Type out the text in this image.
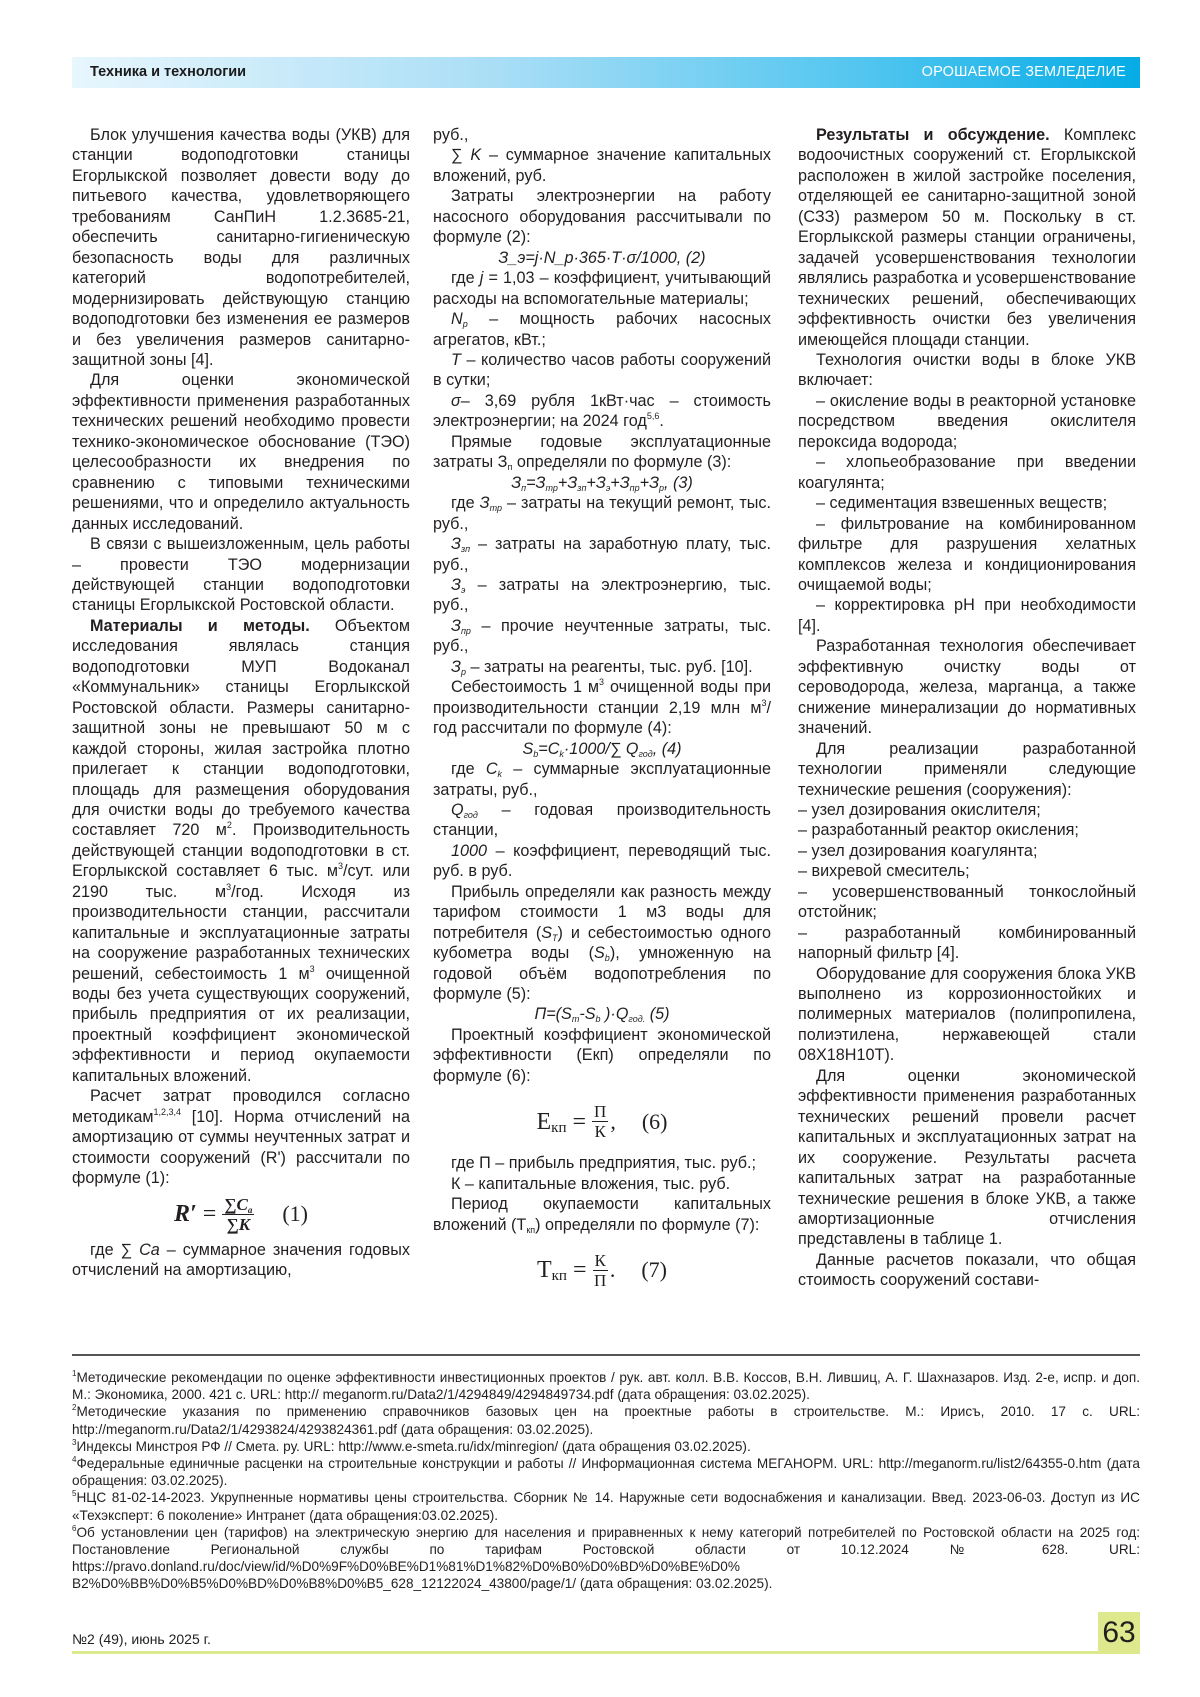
Техника и технологии	ОРОШАЕМОЕ ЗЕМЛЕДЕЛИЕ

Блок улучшения качества воды (УКВ) для станции водоподготовки станицы Егорлыкской позволяет довести воду до питьевого качества, удовлетворяющего требованиям СанПиН 1.2.3685-21, обеспечить санитарно-гигиеническую безопасность воды для различных категорий водопотребителей, модернизировать действующую станцию водоподготовки без изменения ее размеров и без увеличения размеров санитарно-защитной зоны [4].

Для оценки экономической эффективности применения разработанных технических решений необходимо провести технико-экономическое обоснование (ТЭО) целесообразности их внедрения по сравнению с типовыми техническими решениями, что и определило актуальность данных исследований.

В связи с вышеизложенным, цель работы – провести ТЭО модернизации действующей станции водоподготовки станицы Егорлыкской Ростовской области.

Материалы и методы. Объектом исследования являлась станция водоподготовки МУП Водоканал «Коммунальник» станицы Егорлыкской Ростовской области. Размеры санитарно-защитной зоны не превышают 50 м с каждой стороны, жилая застройка плотно прилегает к станции водоподготовки, площадь для размещения оборудования для очистки воды до требуемого качества составляет 720 $м^2$. Производительность действующей станции водоподготовки в ст. Егорлыкской составляет 6 тыс. $м^3$/сут. или 2190 тыс. $м^3$/год. Исходя из производительности станции, рассчитали капитальные и эксплуатационные затраты на сооружение разработанных технических решений, себестоимость 1 $м^3$ очищенной воды без учета существующих сооружений, прибыль предприятия от их реализации, проектный коэффициент экономической эффективности и период окупаемости капитальных вложений.

Расчет затрат проводился согласно методикам$^{1,2,3,4}$ [10]. Норма отчислений на амортизацию от суммы неучтенных затрат и стоимости сооружений (R') рассчитали по формуле (1):

$R' = \frac{\sum C_a}{\sum K} (1)$

где ∑ Ca – суммарное значения годовых отчислений на амортизацию,

руб.,

∑ K – суммарное значение капитальных вложений, руб.

Затраты электроэнергии на работу насосного оборудования рассчитывали по формуле (2):

З_э=j·N_p·365·T·σ/1000, (2)

где j = 1,03 – коэффициент, учитывающий расходы на вспомогательные материалы;

$N_р$ – мощность рабочих насосных агрегатов, кВт.;

T – количество часов работы сооружений в сутки;

σ– 3,69 рубля 1кВт·час – стоимость электроэнергии; на 2024 год$^{5,6}$.

Прямые годовые эксплуатационные затраты $З_п$ определяли по формуле (3):

$З_п=З_{тр}+З_{зп}+З_э+З_{пр}+З_р$, (3)

где $З_{тр}$ – затраты на текущий ремонт, тыс. руб.,

$З_{зп}$ – затраты на заработную плату, тыс. руб.,

$З_э$ – затраты на электроэнергию, тыс. руб.,

$З_{пр}$ – прочие неучтенные затраты, тыс. руб.,

$З_р$ – затраты на реагенты, тыс. руб. [10].

Себестоимость 1 $м^3$ очищенной воды при производительности станции 2,19 млн $м^3$/год рассчитали по формуле (4):

$S_b=C_k\cdot 1000/\sum$ $Q_{год}$, (4)

где $C_k$ – суммарные эксплуатационные затраты, руб.,

$Q_{год}$ – годовая производительность станции,

1000 – коэффициент, переводящий тыс. руб. в руб.

Прибыль определяли как разность между тарифом стоимости 1 м3 воды для потребителя $(S_Т)$ и себестоимостью одного кубометра воды $(S_b)$, умноженную на годовой объём водопотребления по формуле (5):

$П=(S_m-S_b$ )$\cdot Q_{год.}$ (5)

Проектный коэффициент экономической эффективности (Екп) определяли по формуле (6):

$Е_{кп} = \frac{П}{К}$ , (6)

где П – прибыль предприятия, тыс. руб.;

К – капитальные вложения, тыс. руб.

Период окупаемости капитальных вложений $(Т_{кп})$ определяли по формуле (7):

$Т_{кп} = \frac{К}{П}$ . (7)

Результаты и обсуждение. Комплекс водоочистных сооружений ст. Егорлыкской расположен в жилой застройке поселения, отделяющей ее санитарно-защитной зоной (СЗЗ) размером 50 м. Поскольку в ст. Егорлыкской размеры станции ограничены, задачей усовершенствования технологии являлись разработка и усовершенствование технических решений, обеспечивающих эффективность очистки без увеличения имеющейся площади станции.

Технология очистки воды в блоке УКВ включает:

– окисление воды в реакторной установке посредством введения окислителя пероксида водорода;

– хлопьеобразование при введении коагулянта;

– седиментация взвешенных веществ;

– фильтрование на комбинированном фильтре для разрушения хелатных комплексов железа и кондиционирования очищаемой воды;

– корректировка pH при необходимости [4].

Разработанная технология обеспечивает эффективную очистку воды от сероводорода, железа, марганца, а также снижение минерализации до нормативных значений.

Для реализации разработанной технологии применяли следующие технические решения (сооружения):

– узел дозирования окислителя;

– разработанный реактор окисления;

– узел дозирования коагулянта;

– вихревой смеситель;

– усовершенствованный тонкослойный отстойник;

– разработанный комбинированный напорный фильтр [4].

Оборудование для сооружения блока УКВ выполнено из коррозионностойких и полимерных материалов (полипропилена, полиэтилена, нержавеющей стали 08Х18Н10Т).

Для оценки экономической эффективности применения разработанных технических решений провели расчет капитальных и эксплуатационных затрат на их сооружение. Результаты расчета капитальных затрат на разработанные технические решения в блоке УКВ, а также амортизационные отчисления представлены в таблице 1.

Данные расчетов показали, что общая стоимость сооружений состави-

$^1$Методические рекомендации по оценке эффективности инвестиционных проектов / рук. авт. колл. В.В. Коссов, В.Н. Лившиц, А. Г. Шахназаров. Изд. 2-е, испр. и доп. М.: Экономика, 2000. 421 с. URL: http:// meganorm.ru/Data2/1/4294849/4294849734.pdf (дата обращения: 03.02.2025).

$^2$Методические указания по применению справочников базовых цен на проектные работы в строительстве. М.: Ирисъ, 2010. 17 с. URL: http://meganorm.ru/Data2/1/4293824/4293824361.pdf (дата обращения: 03.02.2025).

$^3$Индексы Минстроя РФ // Смета. ру. URL: http://www.e-smeta.ru/idx/minregion/ (дата обращения 03.02.2025).

$^4$Федеральные единичные расценки на строительные конструкции и работы // Информационная система МЕГАНОРМ. URL: http://meganorm.ru/list2/64355-0.htm (дата обращения: 03.02.2025).

$^5$НЦС 81-02-14-2023. Укрупненные нормативы цены строительства. Сборник № 14. Наружные сети водоснабжения и канализации. Введ. 2023-06-03. Доступ из ИС «Техэксперт: 6 поколение» Интранет (дата обращения:03.02.2025).

$^6$Об установлении цен (тарифов) на электрическую энергию для населения и приравненных к нему категорий потребителей по Ростовской области на 2025 год: Постановление Региональной службы по тарифам Ростовской области от 10.12.2024 № 628. URL: https://pravo.donland.ru/doc/view/id/%D0%9F%D0%BE%D1%81%D1%82%D0%B0%D0%BD%D0%BE%D0% B2%D0%BB%D0%B5%D0%BD%D0%B8%D0%B5_628_12122024_43800/page/1/ (дата обращения: 03.02.2025).

№2 (49), июнь 2025 г.	63
